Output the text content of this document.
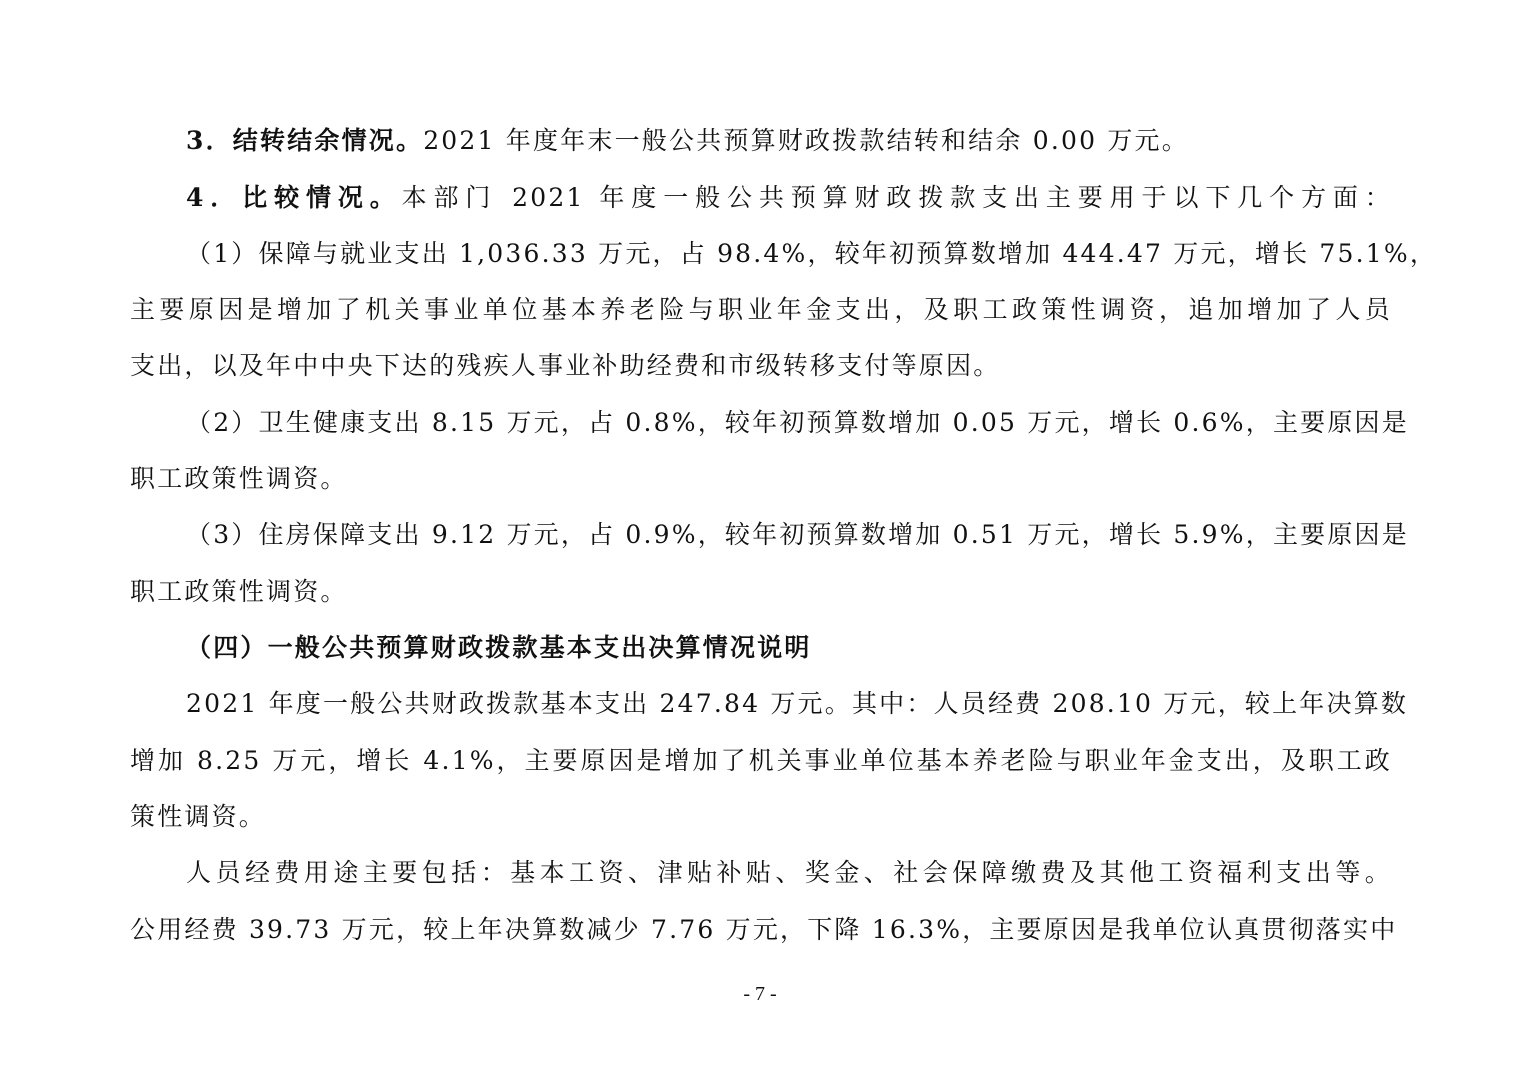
3．结转结余情况。2021 年度年末一般公共预算财政拨款结转和结余 0.00 万元。
4．比较情况。本部门 2021 年度一般公共预算财政拨款支出主要用于以下几个方面：
（1）保障与就业支出 1,036.33 万元，占 98.4%，较年初预算数增加 444.47 万元，增长 75.1%，
主要原因是增加了机关事业单位基本养老险与职业年金支出，及职工政策性调资，追加增加了人员
支出，以及年中中央下达的残疾人事业补助经费和市级转移支付等原因。
（2）卫生健康支出 8.15 万元，占 0.8%，较年初预算数增加 0.05 万元，增长 0.6%，主要原因是
职工政策性调资。
（3）住房保障支出 9.12 万元，占 0.9%，较年初预算数增加 0.51 万元，增长 5.9%，主要原因是
职工政策性调资。
（四）一般公共预算财政拨款基本支出决算情况说明
2021 年度一般公共财政拨款基本支出 247.84 万元。其中：人员经费 208.10 万元，较上年决算数
增加 8.25 万元，增长 4.1%，主要原因是增加了机关事业单位基本养老险与职业年金支出，及职工政
策性调资。
人员经费用途主要包括：基本工资、津贴补贴、奖金、社会保障缴费及其他工资福利支出等。
公用经费 39.73 万元，较上年决算数减少 7.76 万元，下降 16.3%，主要原因是我单位认真贯彻落实中
- 7 -
